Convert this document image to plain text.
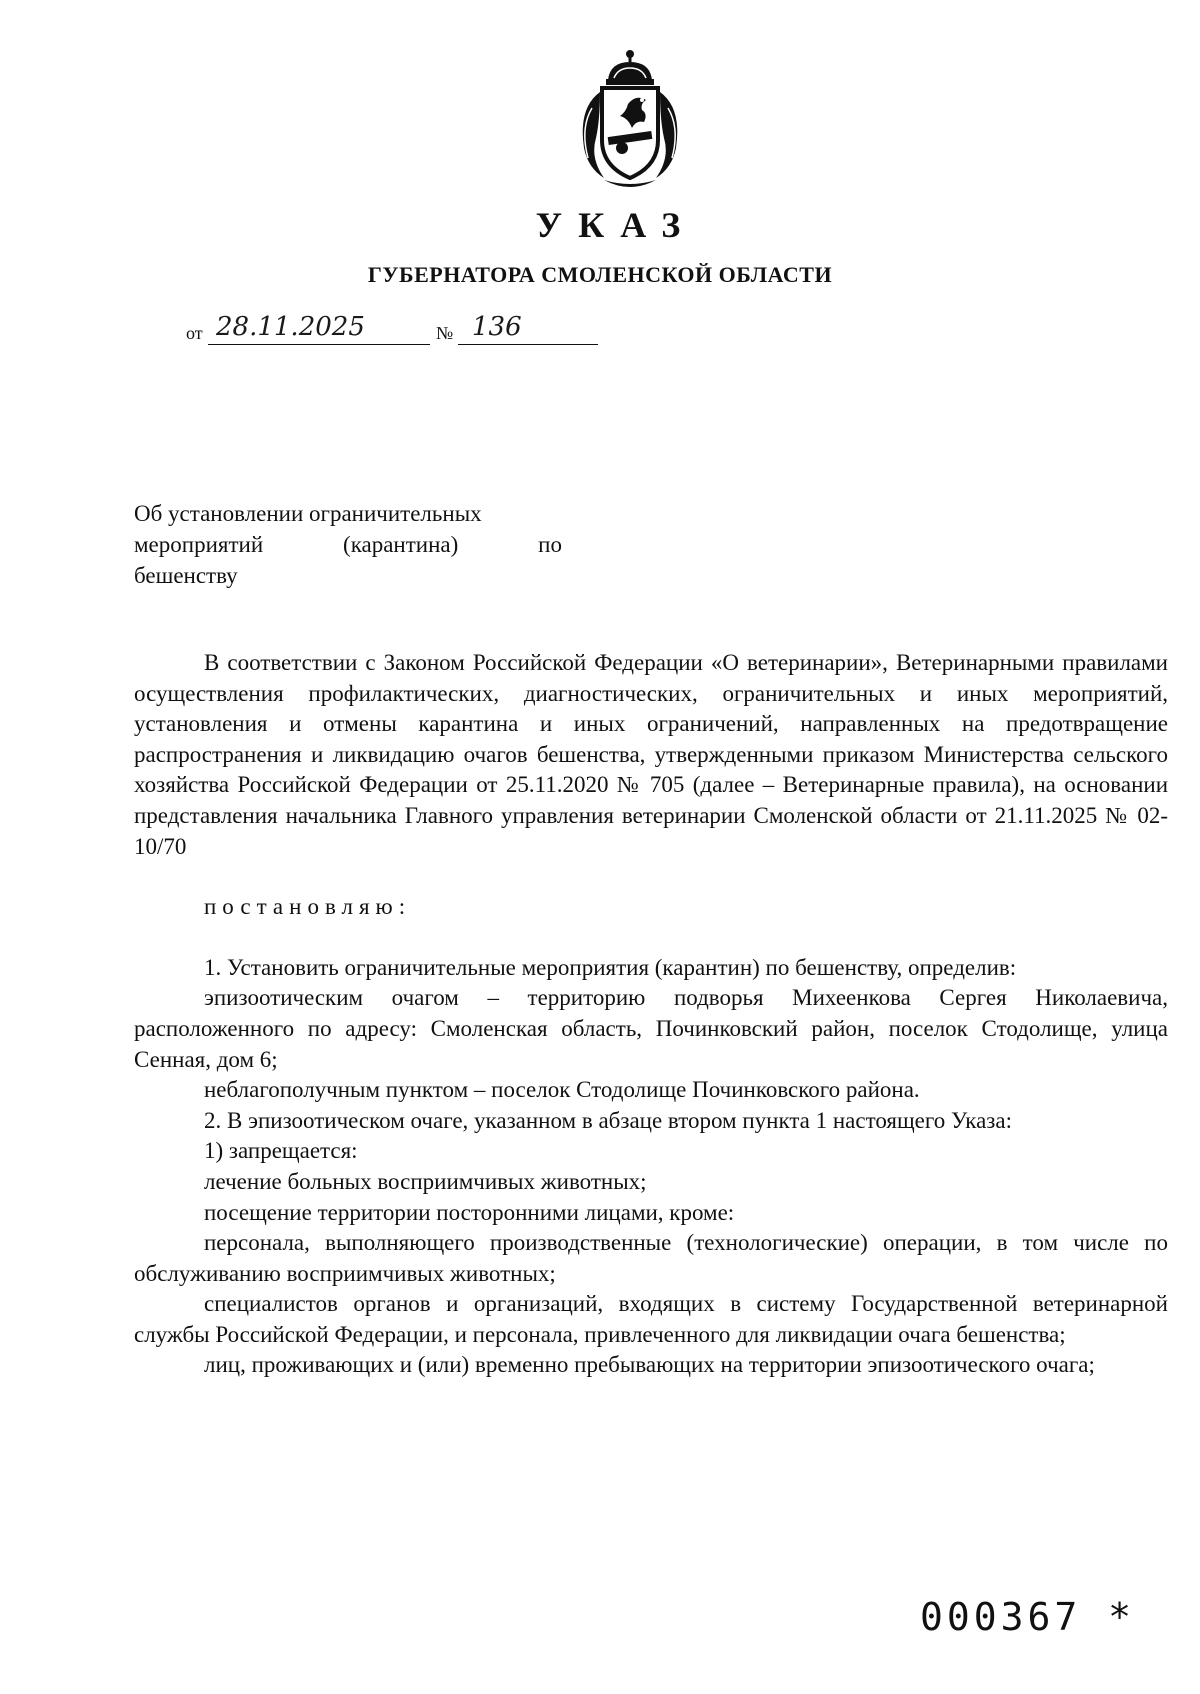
УКАЗ
ГУБЕРНАТОРА СМОЛЕНСКОЙ ОБЛАСТИ
от 28.11.2025	№ 136
Об установлении ограничительных
мероприятий	(карантина)	по
бешенству

В соответствии с Законом Российской Федерации «О ветеринарии», Ветеринарными правилами осуществления профилактических, диагностических, ограничительных и иных мероприятий, установления и отмены карантина и иных ограничений, направленных на предотвращение распространения и ликвидацию очагов бешенства, утвержденными приказом Министерства сельского хозяйства Российской Федерации от 25.11.2020 № 705 (далее – Ветеринарные правила), на основании представления начальника Главного управления ветеринарии Смоленской области от 21.11.2025 № 02-10/70

постановляю:

1. Установить ограничительные мероприятия (карантин) по бешенству, определив:

эпизоотическим очагом – территорию подворья Михеенкова Сергея Николаевича, расположенного по адресу: Смоленская область, Починковский район, поселок Стодолище, улица Сенная, дом 6;

неблагополучным пунктом – поселок Стодолище Починковского района.

2. В эпизоотическом очаге, указанном в абзаце втором пункта 1 настоящего Указа:

1) запрещается:

лечение больных восприимчивых животных;

посещение территории посторонними лицами, кроме:

персонала, выполняющего производственные (технологические) операции, в том числе по обслуживанию восприимчивых животных;

специалистов органов и организаций, входящих в систему Государственной ветеринарной службы Российской Федерации, и персонала, привлеченного для ликвидации очага бешенства;

лиц, проживающих и (или) временно пребывающих на территории эпизоотического очага;

000367 *
